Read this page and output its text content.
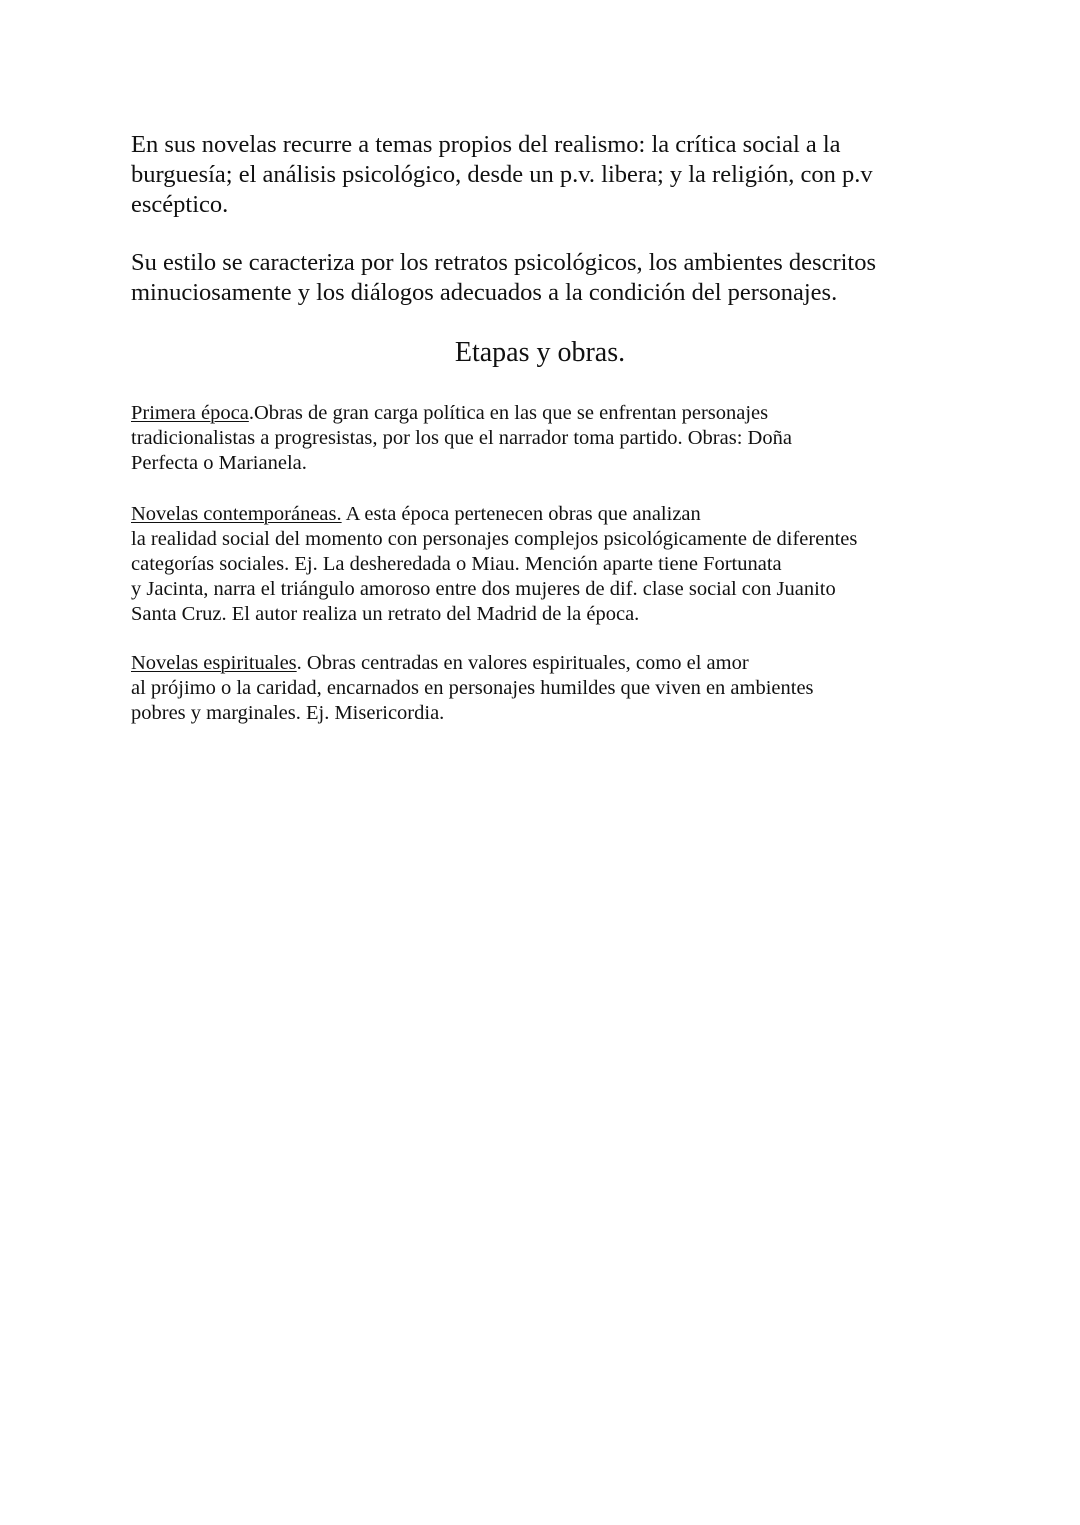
En sus novelas recurre a temas propios del realismo: la crítica social a la
burguesía; el análisis psicológico, desde un p.v. libera; y la religión, con p.v
escéptico.

Su estilo se caracteriza por los retratos psicológicos, los ambientes descritos
minuciosamente y los diálogos adecuados a la condición del personajes.

Etapas y obras.

Primera época.Obras de gran carga política en las que se enfrentan personajes
tradicionalistas a progresistas, por los que el narrador toma partido. Obras: Doña
Perfecta o Marianela.

Novelas contemporáneas. A esta época pertenecen obras que analizan
la realidad social del momento con personajes complejos psicológicamente de diferentes
categorías sociales. Ej. La desheredada o Miau. Mención aparte tiene Fortunata
y Jacinta, narra el triángulo amoroso entre dos mujeres de dif. clase social con Juanito
Santa Cruz. El autor realiza un retrato del Madrid de la época.

Novelas espirituales. Obras centradas en valores espirituales, como el amor
al prójimo o la caridad, encarnados en personajes humildes que viven en ambientes
pobres y marginales. Ej. Misericordia.
